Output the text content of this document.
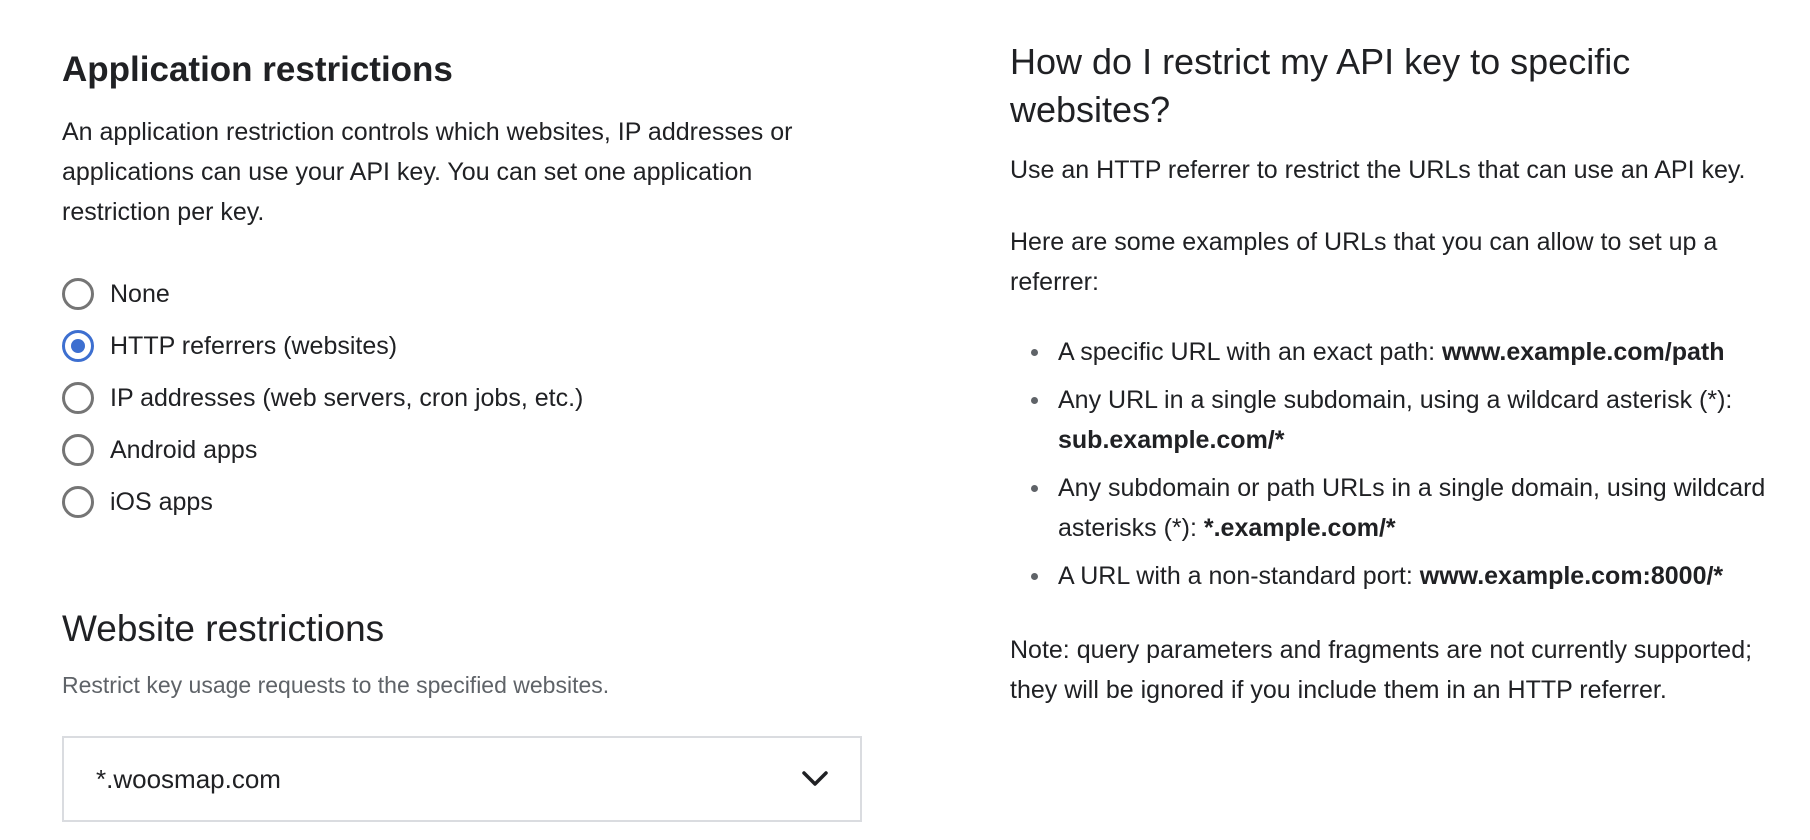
Application restrictions

An application restriction controls which websites, IP addresses or applications can use your API key. You can set one application restriction per key.

None
HTTP referrers (websites)
IP addresses (web servers, cron jobs, etc.)
Android apps
iOS apps
Website restrictions

Restrict key usage requests to the specified websites.

*.woosmap.com
How do I restrict my API key to specific websites?

Use an HTTP referrer to restrict the URLs that can use an API key.

Here are some examples of URLs that you can allow to set up a referrer:

A specific URL with an exact path: www.example.com/path
Any URL in a single subdomain, using a wildcard asterisk (*): sub.example.com/*
Any subdomain or path URLs in a single domain, using wildcard asterisks (*): *.example.com/*
A URL with a non-standard port: www.example.com:8000/*

Note: query parameters and fragments are not currently supported; they will be ignored if you include them in an HTTP referrer.
